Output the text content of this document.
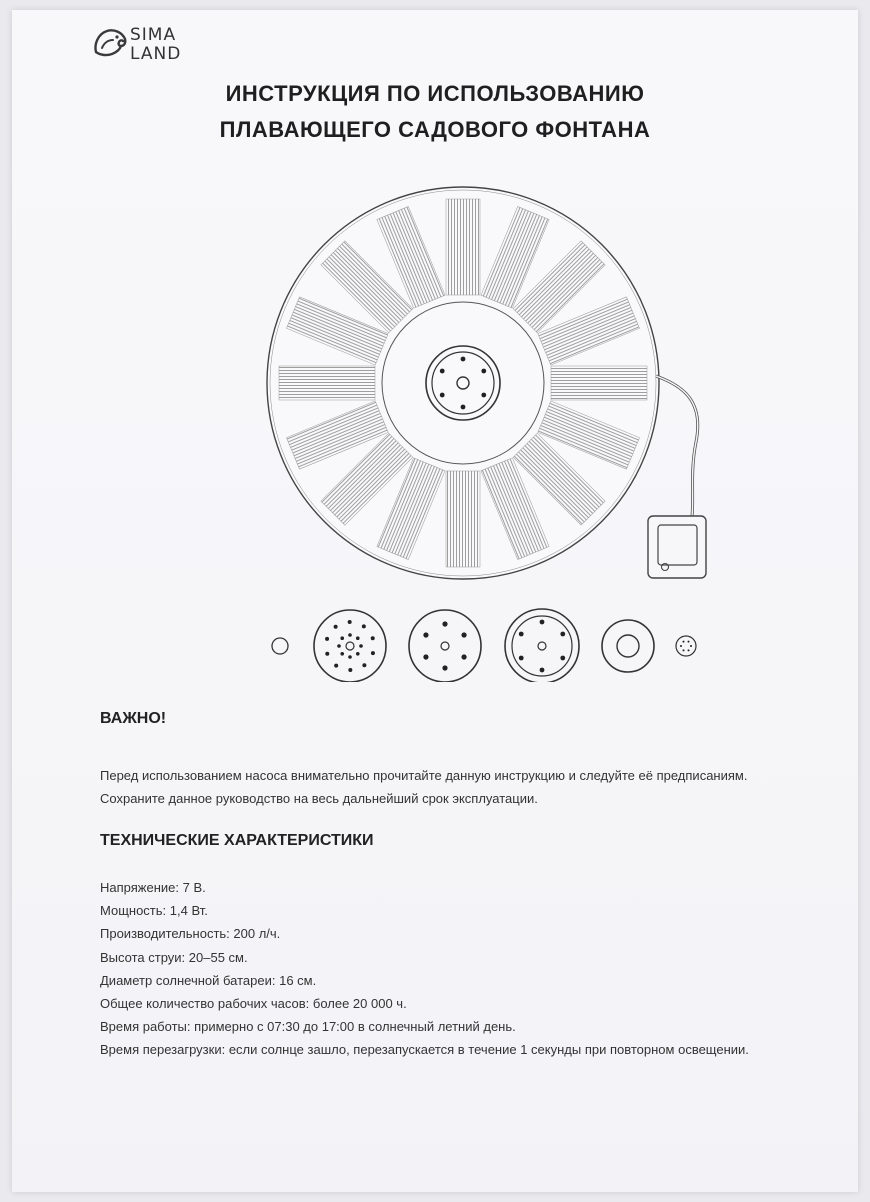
SIMA
LAND
ИНСТРУКЦИЯ ПО ИСПОЛЬЗОВАНИЮ
ПЛАВАЮЩЕГО САДОВОГО ФОНТАНА
ВАЖНО!
Перед использованием насоса внимательно прочитайте данную инструкцию и следуйте её предписаниям.
Сохраните данное руководство на весь дальнейший срок эксплуатации.
ТЕХНИЧЕСКИЕ ХАРАКТЕРИСТИКИ
Напряжение: 7 В.
Мощность: 1,4 Вт.
Производительность: 200 л/ч.
Высота струи: 20–55 см.
Диаметр солнечной батареи: 16 см.
Общее количество рабочих часов: более 20 000 ч.
Время работы: примерно с 07:30 до 17:00 в солнечный летний день.
Время перезагрузки: если солнце зашло, перезапускается в течение 1 секунды при повторном освещении.
